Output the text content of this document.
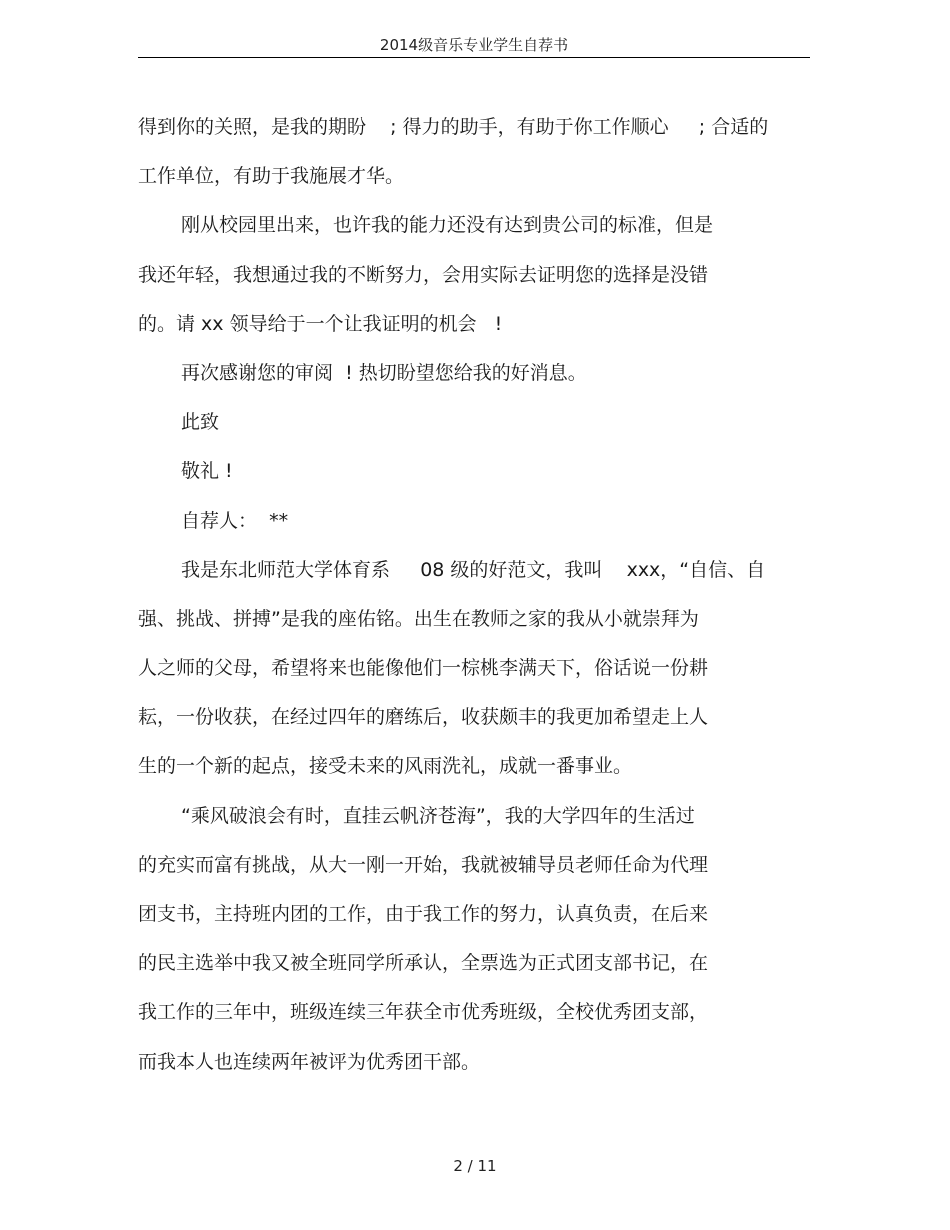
2014级音乐专业学生自荐书
得到你的关照，是我的期盼    ; 得力的助手，有助于你工作顺心     ; 合适的
工作单位，有助于我施展才华。
刚从校园里出来，也许我的能力还没有达到贵公司的标准，但是
我还年轻，我想通过我的不断努力，会用实际去证明您的选择是没错
的。请 xx 领导给于一个让我证明的机会   !
再次感谢您的审阅  ! 热切盼望您给我的好消息。
此致
敬礼 !
自荐人：  **
我是东北师范大学体育系     08 级的好范文，我叫    xxx，“自信、自
强、挑战、拼搏”是我的座佑铭。出生在教师之家的我从小就崇拜为
人之师的父母，希望将来也能像他们一棕桃李满天下，俗话说一份耕
耘，一份收获，在经过四年的磨练后，收获颇丰的我更加希望走上人
生的一个新的起点，接受未来的风雨洗礼，成就一番事业。
“乘风破浪会有时，直挂云帆济苍海”，我的大学四年的生活过
的充实而富有挑战，从大一刚一开始，我就被辅导员老师任命为代理
团支书，主持班内团的工作，由于我工作的努力，认真负责，在后来
的民主选举中我又被全班同学所承认，全票选为正式团支部书记，在
我工作的三年中，班级连续三年获全市优秀班级，全校优秀团支部，
而我本人也连续两年被评为优秀团干部。
2 / 11
